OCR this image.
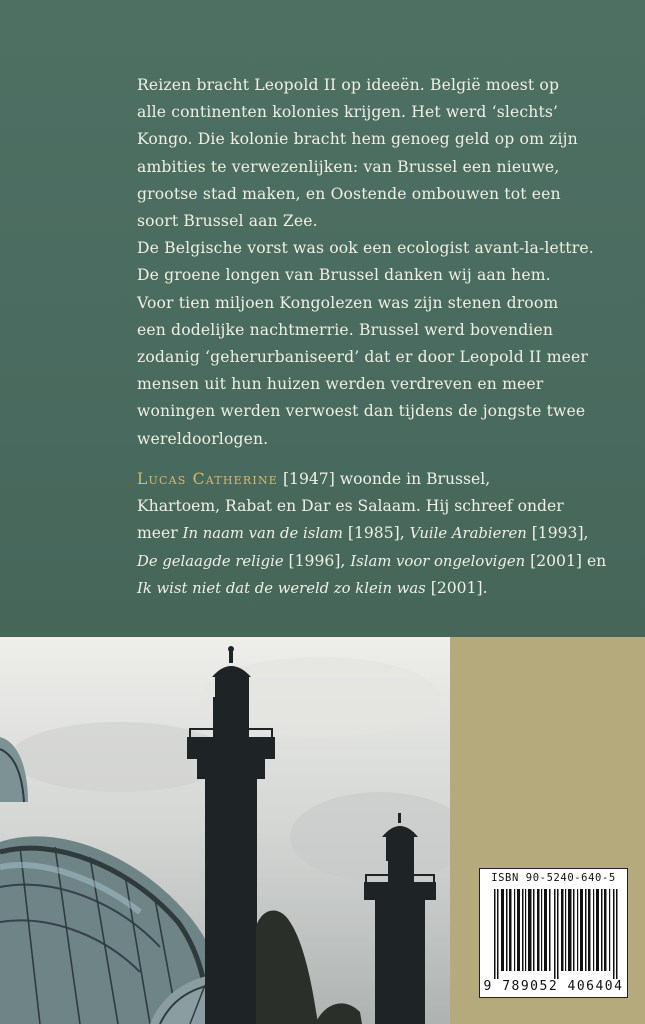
Reizen bracht Leopold II op ideeën. België moest op

alle continenten kolonies krijgen. Het werd ‘slechts’

Kongo. Die kolonie bracht hem genoeg geld op om zijn

ambities te verwezenlijken: van Brussel een nieuwe,

grootse stad maken, en Oostende ombouwen tot een

soort Brussel aan Zee.

De Belgische vorst was ook een ecologist avant-la-lettre.

De groene longen van Brussel danken wij aan hem.

Voor tien miljoen Kongolezen was zijn stenen droom

een dodelijke nachtmerrie. Brussel werd bovendien

zodanig ‘geherurbaniseerd’ dat er door Leopold II meer

mensen uit hun huizen werden verdreven en meer

woningen werden verwoest dan tijdens de jongste twee

wereldoorlogen.

Lucas Catherine [1947] woonde in Brussel,
Khartoem, Rabat en Dar es Salaam. Hij schreef onder
meer In naam van de islam [1985], Vuile Arabieren [1993],
De gelaagde religie [1996], Islam voor ongelovigen [2001] en
Ik wist niet dat de wereld zo klein was [2001].
ISBN 90-5240-640-5
9 789052 406404
